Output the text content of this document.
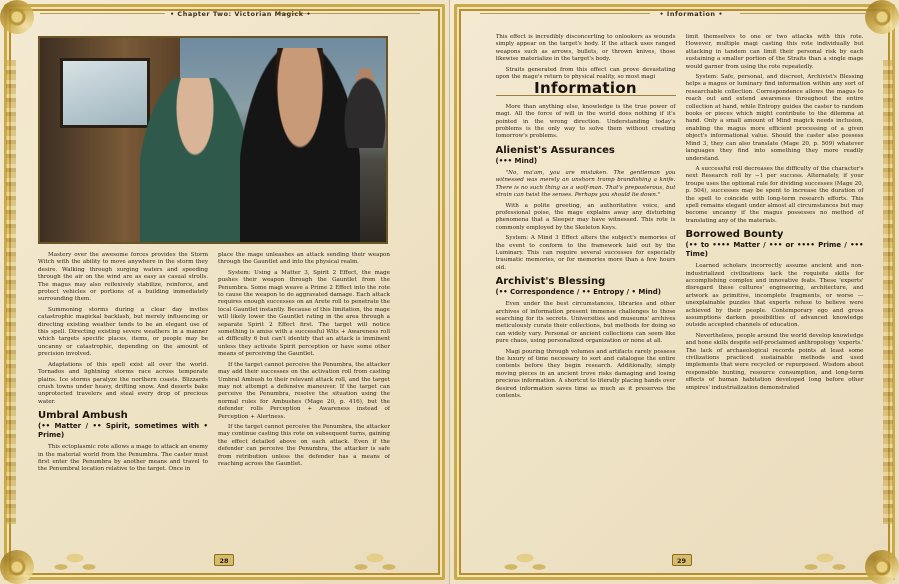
• Chapter Two: Victorian Magick •

Mastery over the awesome forces provides the Storm Witch with the ability to move anywhere in the storm they desire. Walking through surging waters and speeding through the air on the wind are as easy as casual strolls. The magus may also reflexively stabilize, reinforce, and protect vehicles or portions of a building immediately surrounding them.

Summoning storms during a clear day invites catastrophic magickal backlash, but merely influencing or directing existing weather tends to be an elegant use of this spell. Directing existing severe weathers in a manner which targets specific places, items, or people may be uncanny or catastrophic, depending on the amount of precision involved.

Adaptations of this spell exist all over the world. Tornados and lightning storms race across temperate plains. Ice storms paralyze the northern coasts. Blizzards crush towns under heavy, drifting snow. And deserts bake unprotected travelers and steal every drop of precious water.

Umbral Ambush
(•• Matter / •• Spirit, sometimes with • Prime)

This ectoplasmic rote allows a mage to attack an enemy in the material world from the Penumbra. The caster must first enter the Penumbra by another means and travel to the Penumbral location relative to the target. Once in

place the mage unleashes an attack sending their weapon through the Gauntlet and into the physical realm.

System: Using a Matter 3, Spirit 2 Effect, the mage pushes their weapon through the Gauntlet from the Penumbra. Some magi weave a Prime 2 Effect into the rote to cause the weapon to do aggravated damage. Each attack requires enough successes on an Arete roll to penetrate the local Gauntlet instantly. Because of this limitation, the mage will likely lower the Gauntlet rating in the area through a separate Spirit 2 Effect first. The target will notice something is amiss with a successful Wits + Awareness roll at difficulty 6 but can't identify that an attack is imminent unless they activate Spirit perception or have some other means of perceiving the Gauntlet.

If the target cannot perceive the Penumbra, the attacker may add their successes on the activation roll from casting Umbral Ambush to their relevant attack roll, and the target may not attempt a defensive maneuver. If the target can perceive the Penumbra, resolve the situation using the normal rules for Ambushes (Mage 20, p. 416), but the defender rolls Perception + Awareness instead of Perception + Alertness.

If the target cannot perceive the Penumbra, the attacker may continue casting this rote on subsequent turns, gaining the effect detailed above on each attack. Even if the defender can perceive the Penumbra, the attacker is safe from retribution unless the defender has a means of reaching across the Gauntlet.

28
• Information •

This effect is incredibly disconcerting to onlookers as wounds simply appear on the target's body. If the attack uses ranged weapons such as arrows, bullets, or thrown knives, those likewise materialize in the target's body.

Straits generated from this effect can prove devastating upon the mage's return to physical reality, so most magi

Information

More than anything else, knowledge is the true power of magi. All the force of will in the world does nothing if it's pointed in the wrong direction. Understanding today's problems is the only way to solve them without creating tomorrow's problems.

Alienist's Assurances
(••• Mind)

"No, ma'am, you are mistaken. The gentleman you witnessed was merely an unshorn tramp brandishing a knife. There is no such thing as a wolf-man. That's preposterous, but strain can twist the senses. Perhaps you should lie down."

With a polite greeting, an authoritative voice, and professional poise, the mage explains away any disturbing phenomena that a Sleeper may have witnessed. This rote is commonly employed by the Skeleton Keys.

System: A Mind 3 Effect alters the subject's memories of the event to conform to the framework laid out by the Luminary. This can require several successes for especially traumatic memories, or for memories more than a few hours old.

Archivist's Blessing
(•• Correspondence / •• Entropy / • Mind)

Even under the best circumstances, libraries and other archives of information present immense challenges to those searching for its secrets. Universities and museums' archives meticulously curate their collections, but methods for doing so can widely vary. Personal or ancient collections can seem like pure chaos, using personalized organization or none at all.

Magi pouring through volumes and artifacts rarely possess the luxury of time necessary to sort and catalogue the entire contents before they begin research. Additionally, simply moving pieces in an ancient trove risks damaging and losing precious information. A shortcut to literally placing hands over desired information saves time as much as it preserves the contents.

limit themselves to one or two attacks with this rote. However, multiple magi casting this rote individually but attacking in tandem can limit their personal risk by each sustaining a smaller portion of the Straits than a single mage would garner from using the rote repeatedly.

System: Safe, personal, and discreet, Archivist's Blessing helps a magus or luminary find information within any sort of researchable collection. Correspondence allows the magus to reach out and extend awareness throughout the entire collection at hand, while Entropy guides the caster to random books or pieces which might contribute to the dilemma at hand. Only a small amount of Mind magick needs inclusion, enabling the magus more efficient processing of a given object's informational value. Should the caster also possess Mind 3, they can also translate (Mage 20, p. 509) whatever languages they find into something they more readily understand.

A successful roll decreases the difficulty of the character's next Research roll by −1 per success. Alternately, if your troupe uses the optional rule for dividing successes (Mage 20, p. 504), successes may be spent to increase the duration of the spell to coincide with long-term research efforts. This spell remains elegant under almost all circumstances but may become uncanny if the magus possesses no method of translating any of the materials.

Borrowed Bounty
(•• to •••• Matter / ••• or •••• Prime / ••• Time)

Learned scholars incorrectly assume ancient and non-industrialized civilizations lack the requisite skills for accomplishing complex and innovative feats. These 'experts' disregard these cultures' engineering, architecture, and artwork as primitive, incomplete fragments, or worse — unexplainable puzzles that experts refuse to believe were achieved by their people. Contemporary ego and gross assumptions darken possibilities of advanced knowledge outside accepted channels of education.

Nevertheless, people around the world develop knowledge and hone skills despite self-proclaimed anthropology 'experts.' The lack of archaeological records points at least some civilizations practiced sustainable methods and used implements that were recycled or repurposed. Wisdom about responsible hunting, resource consumption, and long-term effects of human habitation developed long before other empires' industrialization demonstrated

29
